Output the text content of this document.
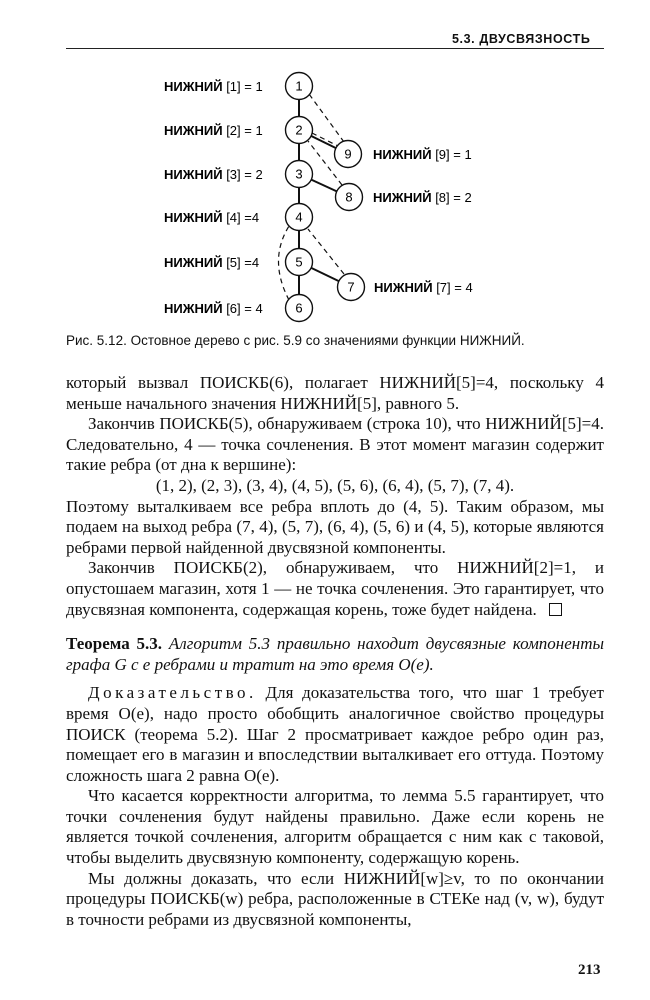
5.3. ДВУСВЯЗНОСТЬ
1
2
3
4
5
6
7
8
9
НИЖНИЙ [1] = 1
НИЖНИЙ [2] = 1
НИЖНИЙ [3] = 2
НИЖНИЙ [4] =4
НИЖНИЙ [5] =4
НИЖНИЙ [6] = 4
НИЖНИЙ [9] = 1
НИЖНИЙ [8] = 2
НИЖНИЙ [7] = 4
Рис. 5.12. Остовное дерево с рис. 5.9 со значениями функции НИЖНИЙ.

который вызвал ПОИСКБ(6), полагает НИЖНИЙ[5]=4, поскольку 4 меньше начального значения НИЖНИЙ[5], равного 5.

Закончив ПОИСКБ(5), обнаруживаем (строка 10), что НИЖНИЙ[5]=4. Следовательно, 4 — точка сочленения. В этот момент магазин содержит такие ребра (от дна к вершине):

(1, 2), (2, 3), (3, 4), (4, 5), (5, 6), (6, 4), (5, 7), (7, 4).

Поэтому выталкиваем все ребра вплоть до (4, 5). Таким образом, мы подаем на выход ребра (7, 4), (5, 7), (6, 4), (5, 6) и (4, 5), которые являются ребрами первой найденной двусвязной компоненты.

Закончив ПОИСКБ(2), обнаруживаем, что НИЖНИЙ[2]=1, и опустошаем магазин, хотя 1 — не точка сочленения. Это гарантирует, что двусвязная компонента, содержащая корень, тоже будет найдена.

Теорема 5.3. Алгоритм 5.3 правильно находит двусвязные компоненты графа G с e ребрами и тратит на это время O(e).

Доказательство. Для доказательства того, что шаг 1 требует время O(e), надо просто обобщить аналогичное свойство процедуры ПОИСК (теорема 5.2). Шаг 2 просматривает каждое ребро один раз, помещает его в магазин и впоследствии выталкивает его оттуда. Поэтому сложность шага 2 равна O(e).

Что касается корректности алгоритма, то лемма 5.5 гарантирует, что точки сочленения будут найдены правильно. Даже если корень не является точкой сочленения, алгоритм обращается с ним как с таковой, чтобы выделить двусвязную компоненту, содержащую корень.

Мы должны доказать, что если НИЖНИЙ[w]≥v, то по окончании процедуры ПОИСКБ(w) ребра, расположенные в СТЕКе над (v, w), будут в точности ребрами из двусвязной компоненты,

213
